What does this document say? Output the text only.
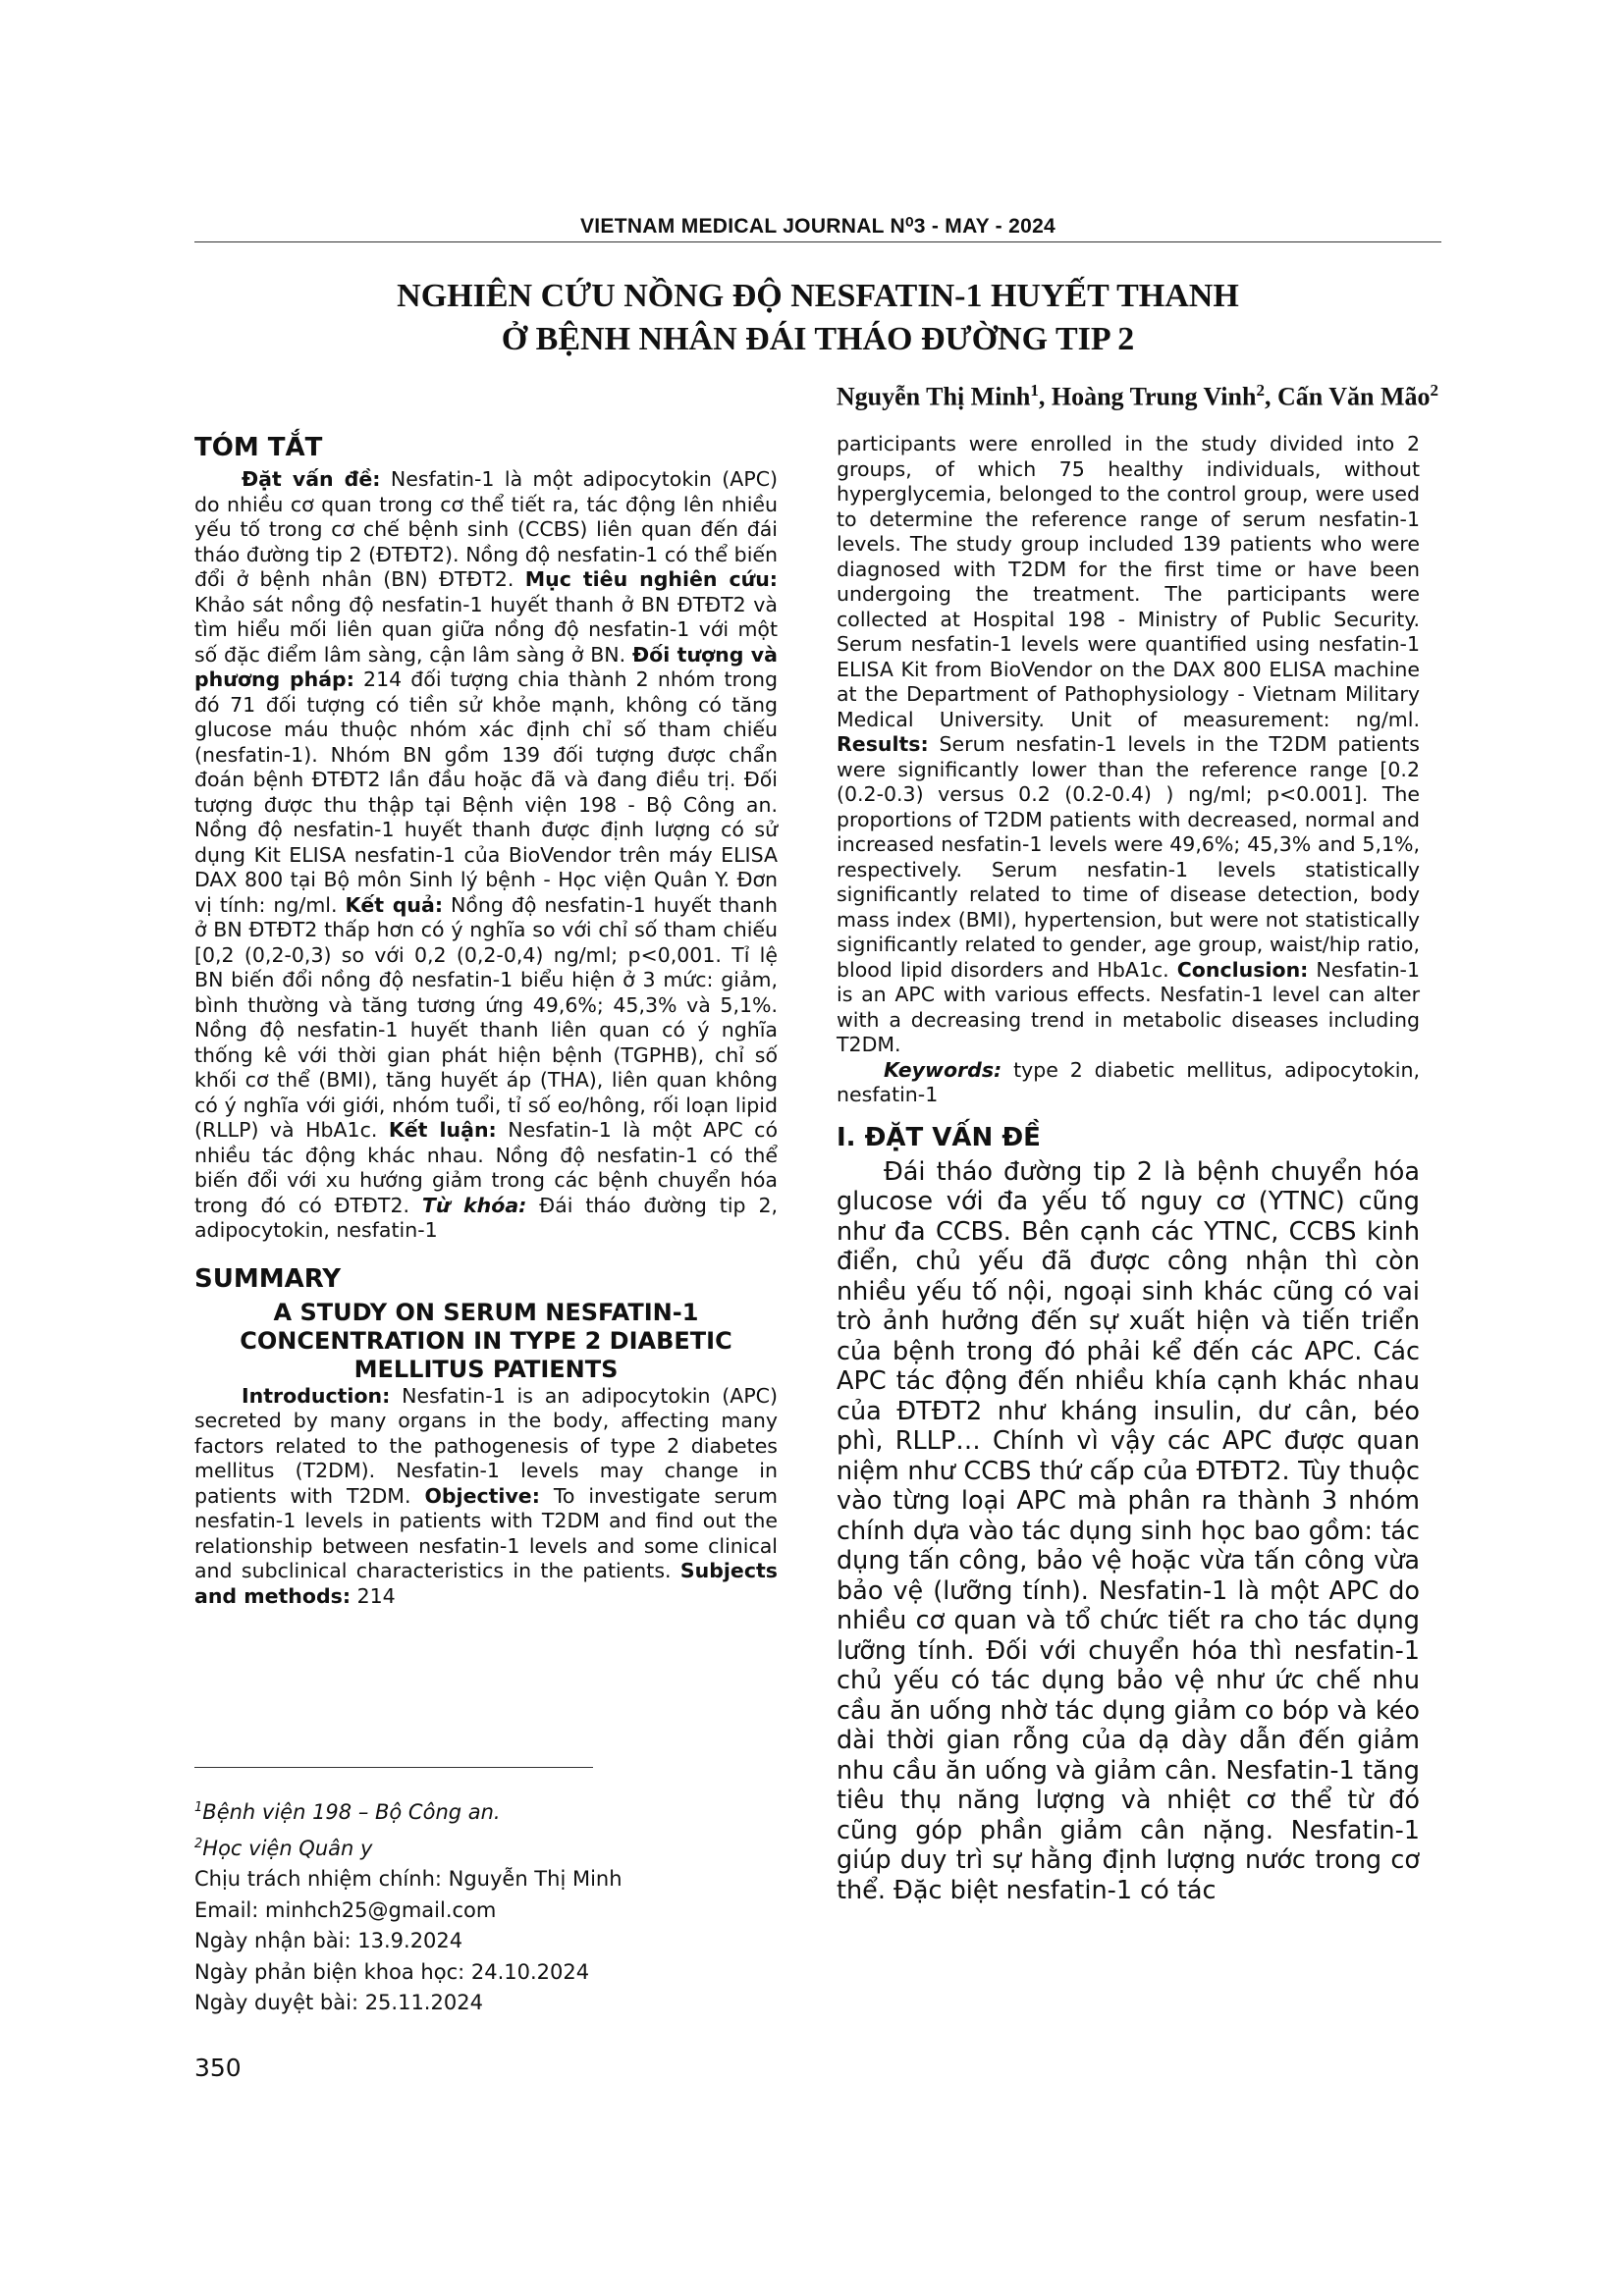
VIETNAM MEDICAL JOURNAL N⁰3 - MAY - 2024
NGHIÊN CỨU NỒNG ĐỘ NESFATIN-1 HUYẾT THANH
Ở BỆNH NHÂN ĐÁI THÁO ĐƯỜNG TIP 2
Nguyễn Thị Minh$^1$, Hoàng Trung Vinh$^2$, Cấn Văn Mão$^2$
TÓM TẮT

Đặt vấn đề: Nesfatin-1 là một adipocytokin (APC) do nhiều cơ quan trong cơ thể tiết ra, tác động lên nhiều yếu tố trong cơ chế bệnh sinh (CCBS) liên quan đến đái tháo đường tip 2 (ĐTĐT2). Nồng độ nesfatin-1 có thể biến đổi ở bệnh nhân (BN) ĐTĐT2. Mục tiêu nghiên cứu: Khảo sát nồng độ nesfatin-1 huyết thanh ở BN ĐTĐT2 và tìm hiểu mối liên quan giữa nồng độ nesfatin-1 với một số đặc điểm lâm sàng, cận lâm sàng ở BN. Đối tượng và phương pháp: 214 đối tượng chia thành 2 nhóm trong đó 71 đối tượng có tiền sử khỏe mạnh, không có tăng glucose máu thuộc nhóm xác định chỉ số tham chiếu (nesfatin-1). Nhóm BN gồm 139 đối tượng được chẩn đoán bệnh ĐTĐT2 lần đầu hoặc đã và đang điều trị. Đối tượng được thu thập tại Bệnh viện 198 - Bộ Công an. Nồng độ nesfatin-1 huyết thanh được định lượng có sử dụng Kit ELISA nesfatin-1 của BioVendor trên máy ELISA DAX 800 tại Bộ môn Sinh lý bệnh - Học viện Quân Y. Đơn vị tính: ng/ml. Kết quả: Nồng độ nesfatin-1 huyết thanh ở BN ĐTĐT2 thấp hơn có ý nghĩa so với chỉ số tham chiếu [0,2 (0,2-0,3) so với 0,2 (0,2-0,4) ng/ml; p<0,001. Tỉ lệ BN biến đổi nồng độ nesfatin-1 biểu hiện ở 3 mức: giảm, bình thường và tăng tương ứng 49,6%; 45,3% và 5,1%. Nồng độ nesfatin-1 huyết thanh liên quan có ý nghĩa thống kê với thời gian phát hiện bệnh (TGPHB), chỉ số khối cơ thể (BMI), tăng huyết áp (THA), liên quan không có ý nghĩa với giới, nhóm tuổi, tỉ số eo/hông, rối loạn lipid (RLLP) và HbA1c. Kết luận: Nesfatin-1 là một APC có nhiều tác động khác nhau. Nồng độ nesfatin-1 có thể biến đổi với xu hướng giảm trong các bệnh chuyển hóa trong đó có ĐTĐT2. Từ khóa: Đái tháo đường tip 2, adipocytokin, nesfatin-1

SUMMARY
A STUDY ON SERUM NESFATIN-1 CONCENTRATION IN TYPE 2 DIABETIC MELLITUS PATIENTS

Introduction: Nesfatin-1 is an adipocytokin (APC) secreted by many organs in the body, affecting many factors related to the pathogenesis of type 2 diabetes mellitus (T2DM). Nesfatin-1 levels may change in patients with T2DM. Objective: To investigate serum nesfatin-1 levels in patients with T2DM and find out the relationship between nesfatin-1 levels and some clinical and subclinical characteristics in the patients. Subjects and methods: 214

$^1$Bệnh viện 198 – Bộ Công an.
$^2$Học viện Quân y
Chịu trách nhiệm chính: Nguyễn Thị Minh
Email: minhch25@gmail.com
Ngày nhận bài: 13.9.2024
Ngày phản biện khoa học: 24.10.2024
Ngày duyệt bài: 25.11.2024
350

participants were enrolled in the study divided into 2 groups, of which 75 healthy individuals, without hyperglycemia, belonged to the control group, were used to determine the reference range of serum nesfatin-1 levels. The study group included 139 patients who were diagnosed with T2DM for the first time or have been undergoing the treatment. The participants were collected at Hospital 198 - Ministry of Public Security. Serum nesfatin-1 levels were quantified using nesfatin-1 ELISA Kit from BioVendor on the DAX 800 ELISA machine at the Department of Pathophysiology - Vietnam Military Medical University. Unit of measurement: ng/ml. Results: Serum nesfatin-1 levels in the T2DM patients were significantly lower than the reference range [0.2 (0.2-0.3) versus 0.2 (0.2-0.4) ) ng/ml; p<0.001]. The proportions of T2DM patients with decreased, normal and increased nesfatin-1 levels were 49,6%; 45,3% and 5,1%, respectively. Serum nesfatin-1 levels statistically significantly related to time of disease detection, body mass index (BMI), hypertension, but were not statistically significantly related to gender, age group, waist/hip ratio, blood lipid disorders and HbA1c. Conclusion: Nesfatin-1 is an APC with various effects. Nesfatin-1 level can alter with a decreasing trend in metabolic diseases including T2DM.

Keywords: type 2 diabetic mellitus, adipocytokin, nesfatin-1

I. ĐẶT VẤN ĐỀ

Đái tháo đường tip 2 là bệnh chuyển hóa glucose với đa yếu tố nguy cơ (YTNC) cũng như đa CCBS. Bên cạnh các YTNC, CCBS kinh điển, chủ yếu đã được công nhận thì còn nhiều yếu tố nội, ngoại sinh khác cũng có vai trò ảnh hưởng đến sự xuất hiện và tiến triển của bệnh trong đó phải kể đến các APC. Các APC tác động đến nhiều khía cạnh khác nhau của ĐTĐT2 như kháng insulin, dư cân, béo phì, RLLP… Chính vì vậy các APC được quan niệm như CCBS thứ cấp của ĐTĐT2. Tùy thuộc vào từng loại APC mà phân ra thành 3 nhóm chính dựa vào tác dụng sinh học bao gồm: tác dụng tấn công, bảo vệ hoặc vừa tấn công vừa bảo vệ (lưỡng tính). Nesfatin-1 là một APC do nhiều cơ quan và tổ chức tiết ra cho tác dụng lưỡng tính. Đối với chuyển hóa thì nesfatin-1 chủ yếu có tác dụng bảo vệ như ức chế nhu cầu ăn uống nhờ tác dụng giảm co bóp và kéo dài thời gian rỗng của dạ dày dẫn đến giảm nhu cầu ăn uống và giảm cân. Nesfatin-1 tăng tiêu thụ năng lượng và nhiệt cơ thể từ đó cũng góp phần giảm cân nặng. Nesfatin-1 giúp duy trì sự hằng định lượng nước trong cơ thể. Đặc biệt nesfatin-1 có tác
